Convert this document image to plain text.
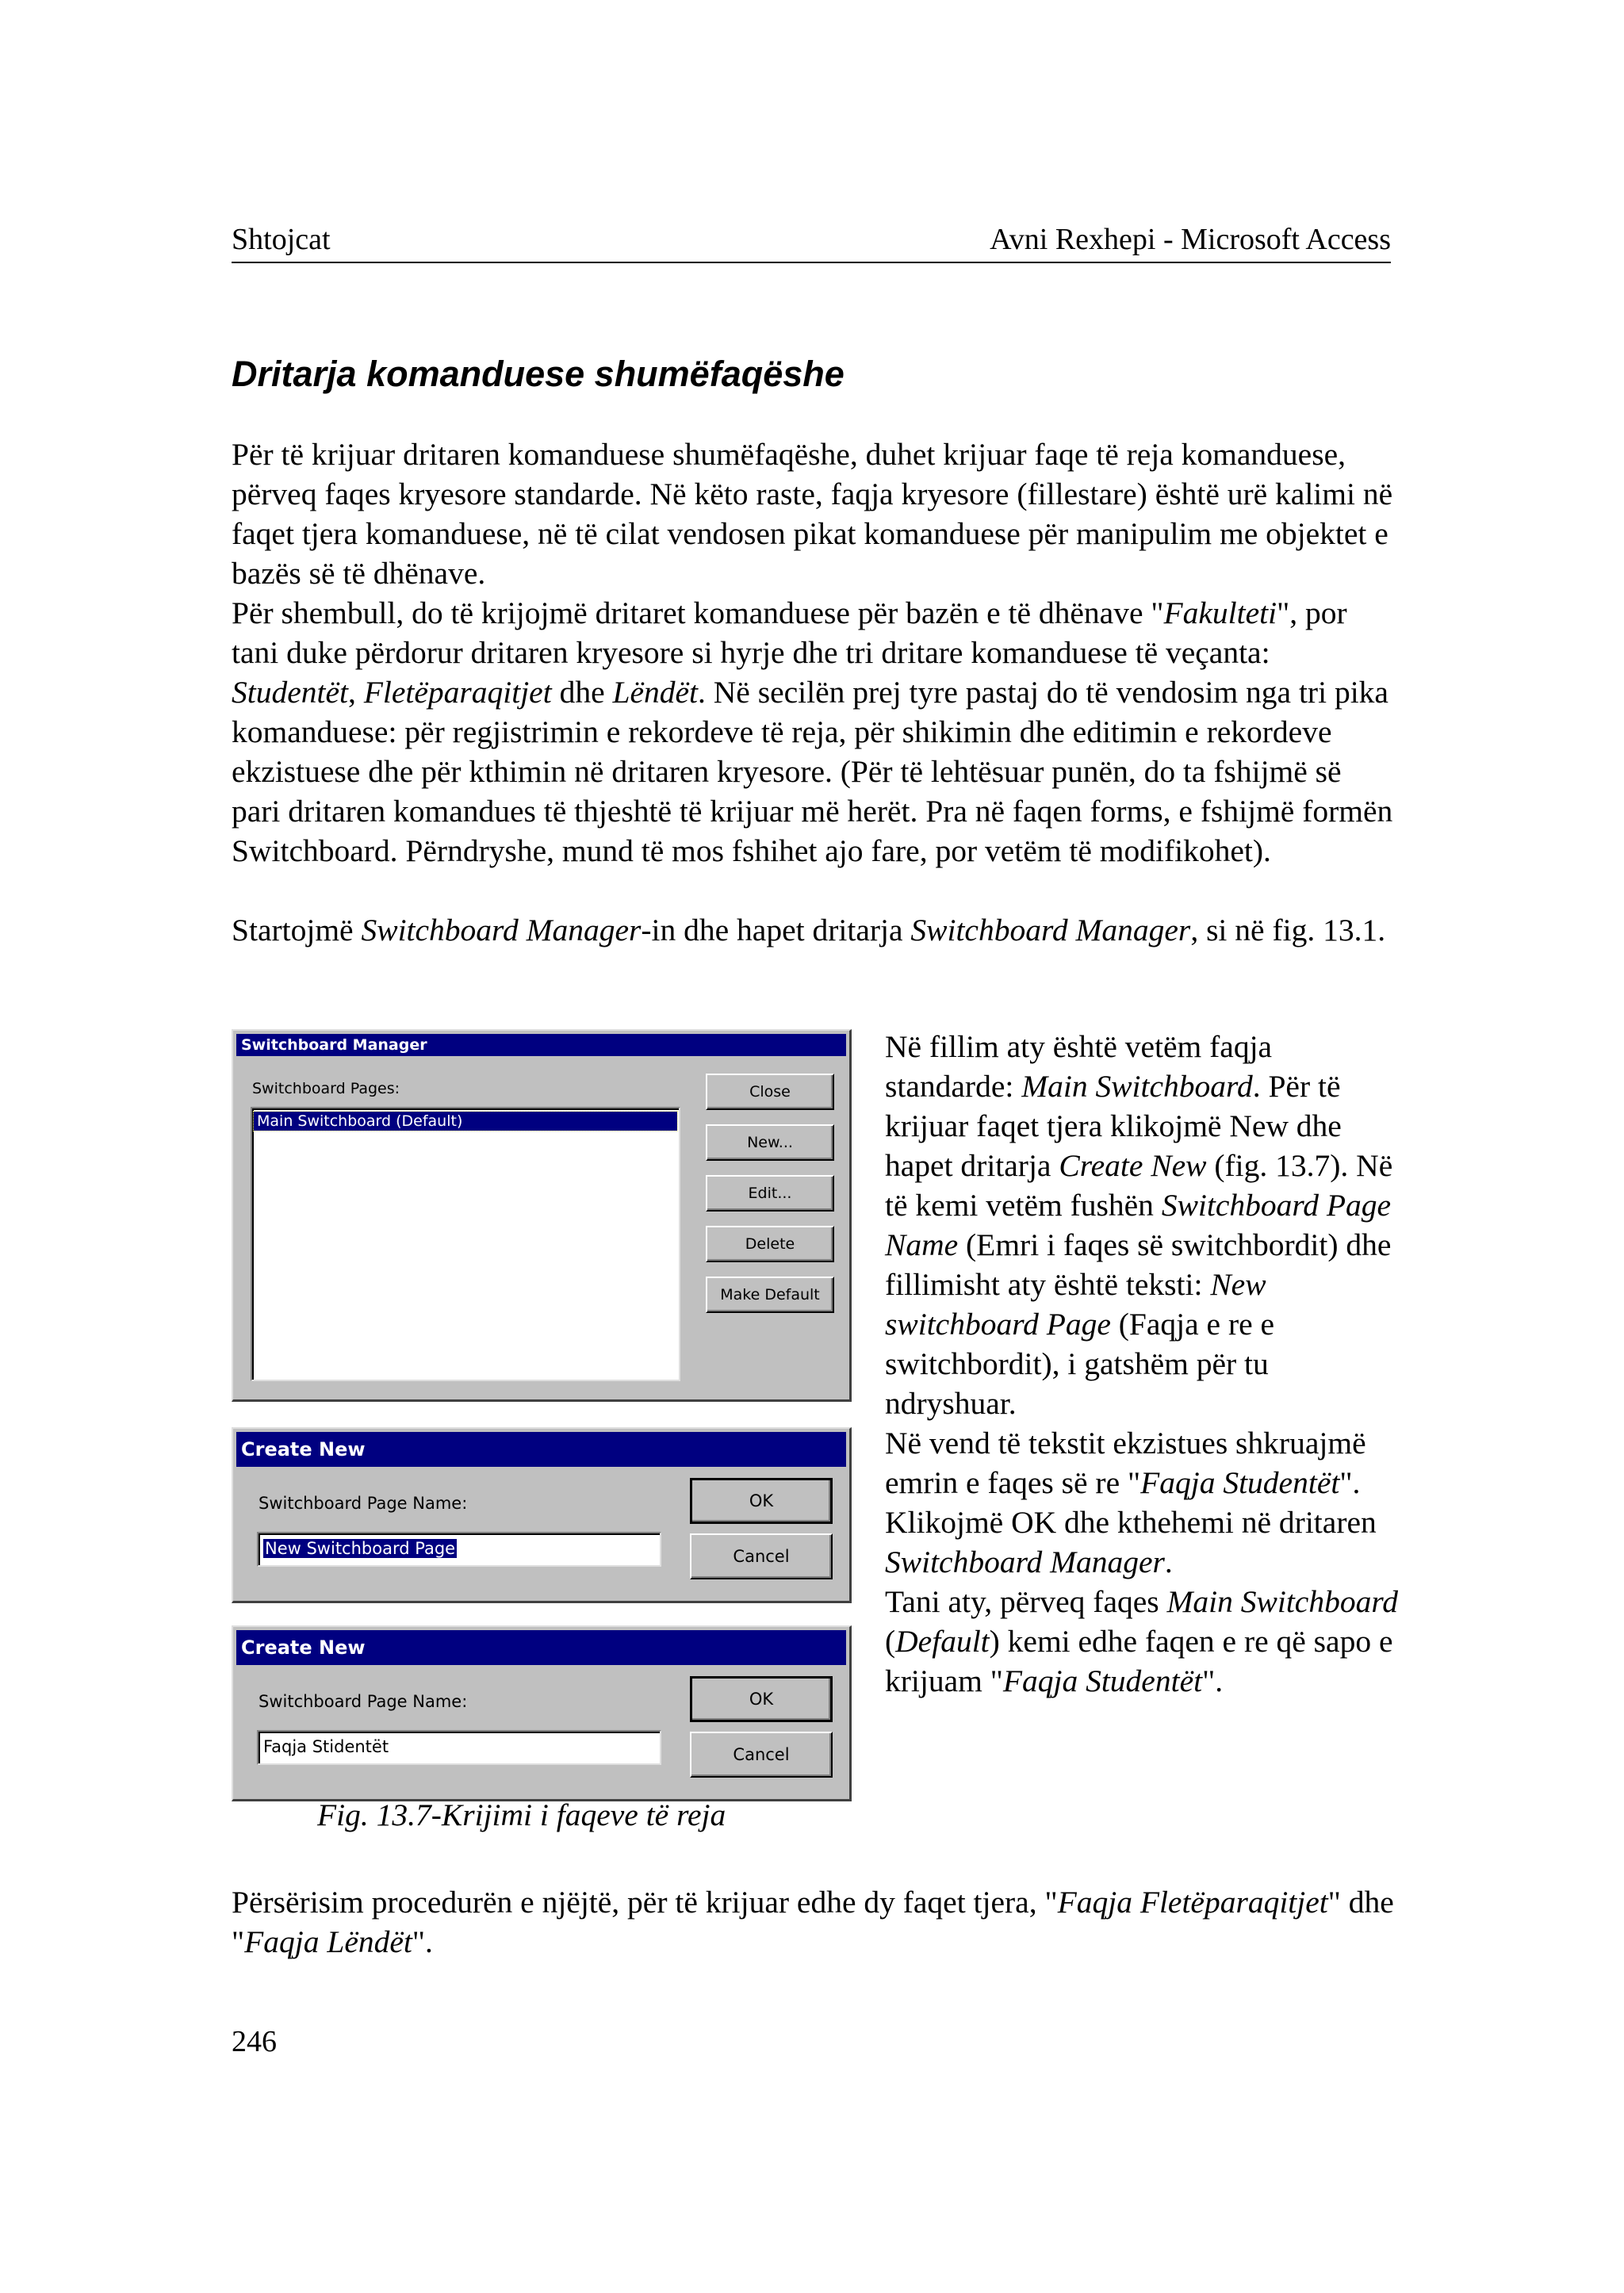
Shtojcat	Avni Rexhepi - Microsoft Access
Dritarja komanduese shumëfaqëshe

Për të krijuar dritaren komanduese shumëfaqëshe, duhet krijuar faqe të reja komanduese, përveq faqes kryesore standarde. Në këto raste, faqja kryesore (fillestare) është urë kalimi në faqet tjera komanduese, në të cilat vendosen pikat komanduese për manipulim me objektet e bazës së të dhënave.

Për shembull, do të krijojmë dritaret komanduese për bazën e të dhënave "Fakulteti", por tani duke përdorur dritaren kryesore si hyrje dhe tri dritare komanduese të veçanta: Studentët, Fletëparaqitjet dhe Lëndët. Në secilën prej tyre pastaj do të vendosim nga tri pika komanduese: për regjistrimin e rekordeve të reja, për shikimin dhe editimin e rekordeve ekzistuese dhe për kthimin në dritaren kryesore. (Për të lehtësuar punën, do ta fshijmë së pari dritaren komandues të thjeshtë të krijuar më herët. Pra në faqen forms, e fshijmë formën Switchboard. Përndryshe, mund të mos fshihet ajo fare, por vetëm të modifikohet).

Startojmë Switchboard Manager-in dhe hapet dritarja Switchboard Manager, si në fig. 13.1.

Switchboard Manager
Switchboard Pages:
Main Switchboard (Default)
Close
New...
Edit...
Delete
Make Default
Create New
Switchboard Page Name:
New Switchboard Page
OK
Cancel
Create New
Switchboard Page Name:
Faqja Stidentët
OK
Cancel
Fig. 13.7-Krijimi i faqeve të reja

Në fillim aty është vetëm faqja standarde: Main Switchboard. Për të krijuar faqet tjera klikojmë New dhe hapet dritarja Create New (fig. 13.7). Në të kemi vetëm fushën Switchboard Page Name (Emri i faqes së switchbordit) dhe fillimisht aty është teksti: New switchboard Page (Faqja e re e switchbordit), i gatshëm për tu ndryshuar.

Në vend të tekstit ekzistues shkruajmë emrin e faqes së re "Faqja Studentët". Klikojmë OK dhe kthehemi në dritaren Switchboard Manager.

Tani aty, përveq faqes Main Switchboard (Default) kemi edhe faqen e re që sapo e krijuam "Faqja Studentët".

Përsërisim procedurën e njëjtë, për të krijuar edhe dy faqet tjera, "Faqja Fletëparaqitjet" dhe "Faqja Lëndët".

246
